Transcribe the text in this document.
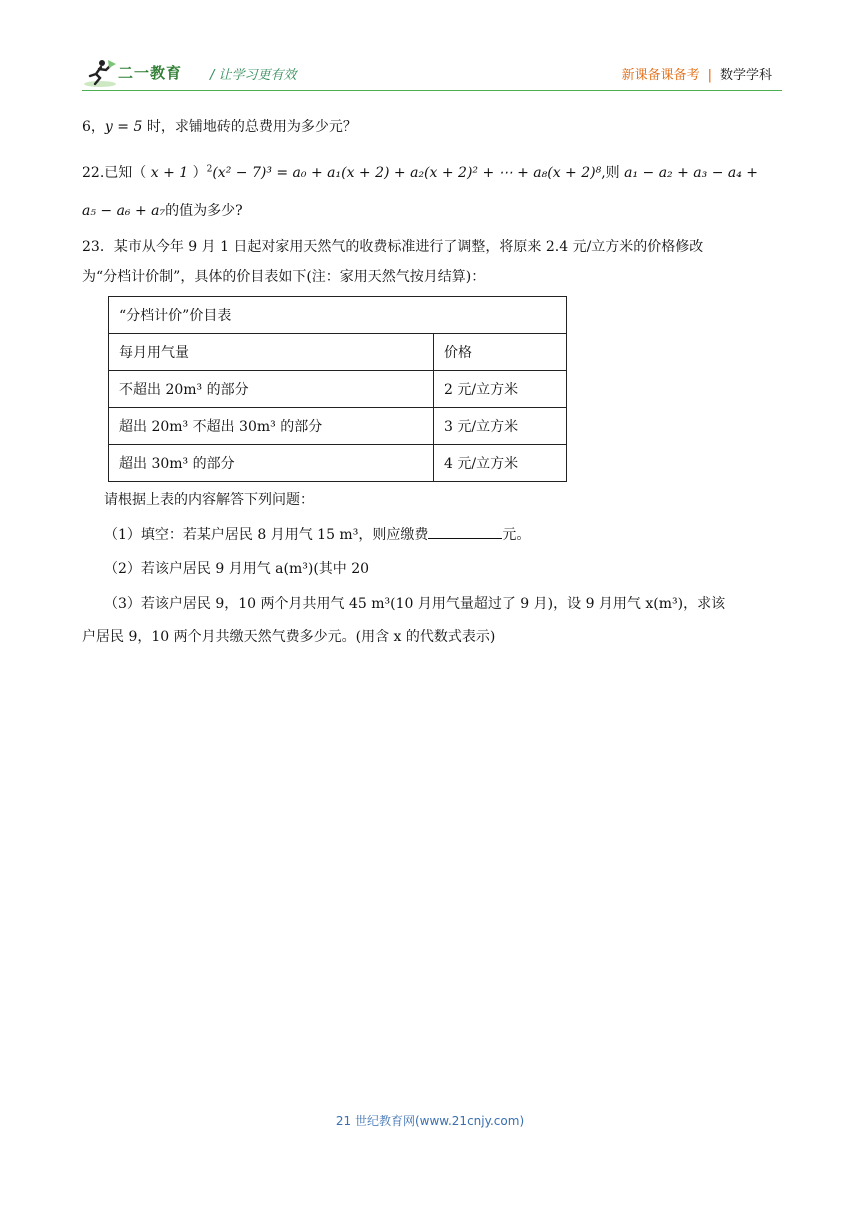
二一教育 / 让学习更有效	新课备课备考 | 数学学科
6，y = 5 时，求铺地砖的总费用为多少元？
22.已知（ x + 1 ）$^2$(x² − 7)³ = a₀ + a₁(x + 2) + a₂(x + 2)² + ⋯ + a₈(x + 2)⁸,则 a₁ − a₂ + a₃ − a₄ +
a₅ − a₆ + a₇的值为多少?
23．某市从今年 9 月 1 日起对家用天然气的收费标准进行了调整，将原来 2.4 元/立方米的价格修改
为“分档计价制”，具体的价目表如下(注：家用天然气按月结算)：
“分档计价”价目表	
每月用气量	价格
不超出 20m³ 的部分	2 元/立方米
超出 20m³ 不超出 30m³ 的部分	3 元/立方米
超出 30m³ 的部分	4 元/立方米
请根据上表的内容解答下列问题：
（1）填空：若某户居民 8 月用气 15 m³，则应缴费	元。
（2）若该户居民 9 月用气 a(m³)(其中 20
（3）若该户居民 9，10 两个月共用气 45 m³(10 月用气量超过了 9 月)，设 9 月用气 x(m³)，求该
户居民 9，10 两个月共缴天然气费多少元。(用含 x 的代数式表示)
21 世纪教育网(www.21cnjy.com)
